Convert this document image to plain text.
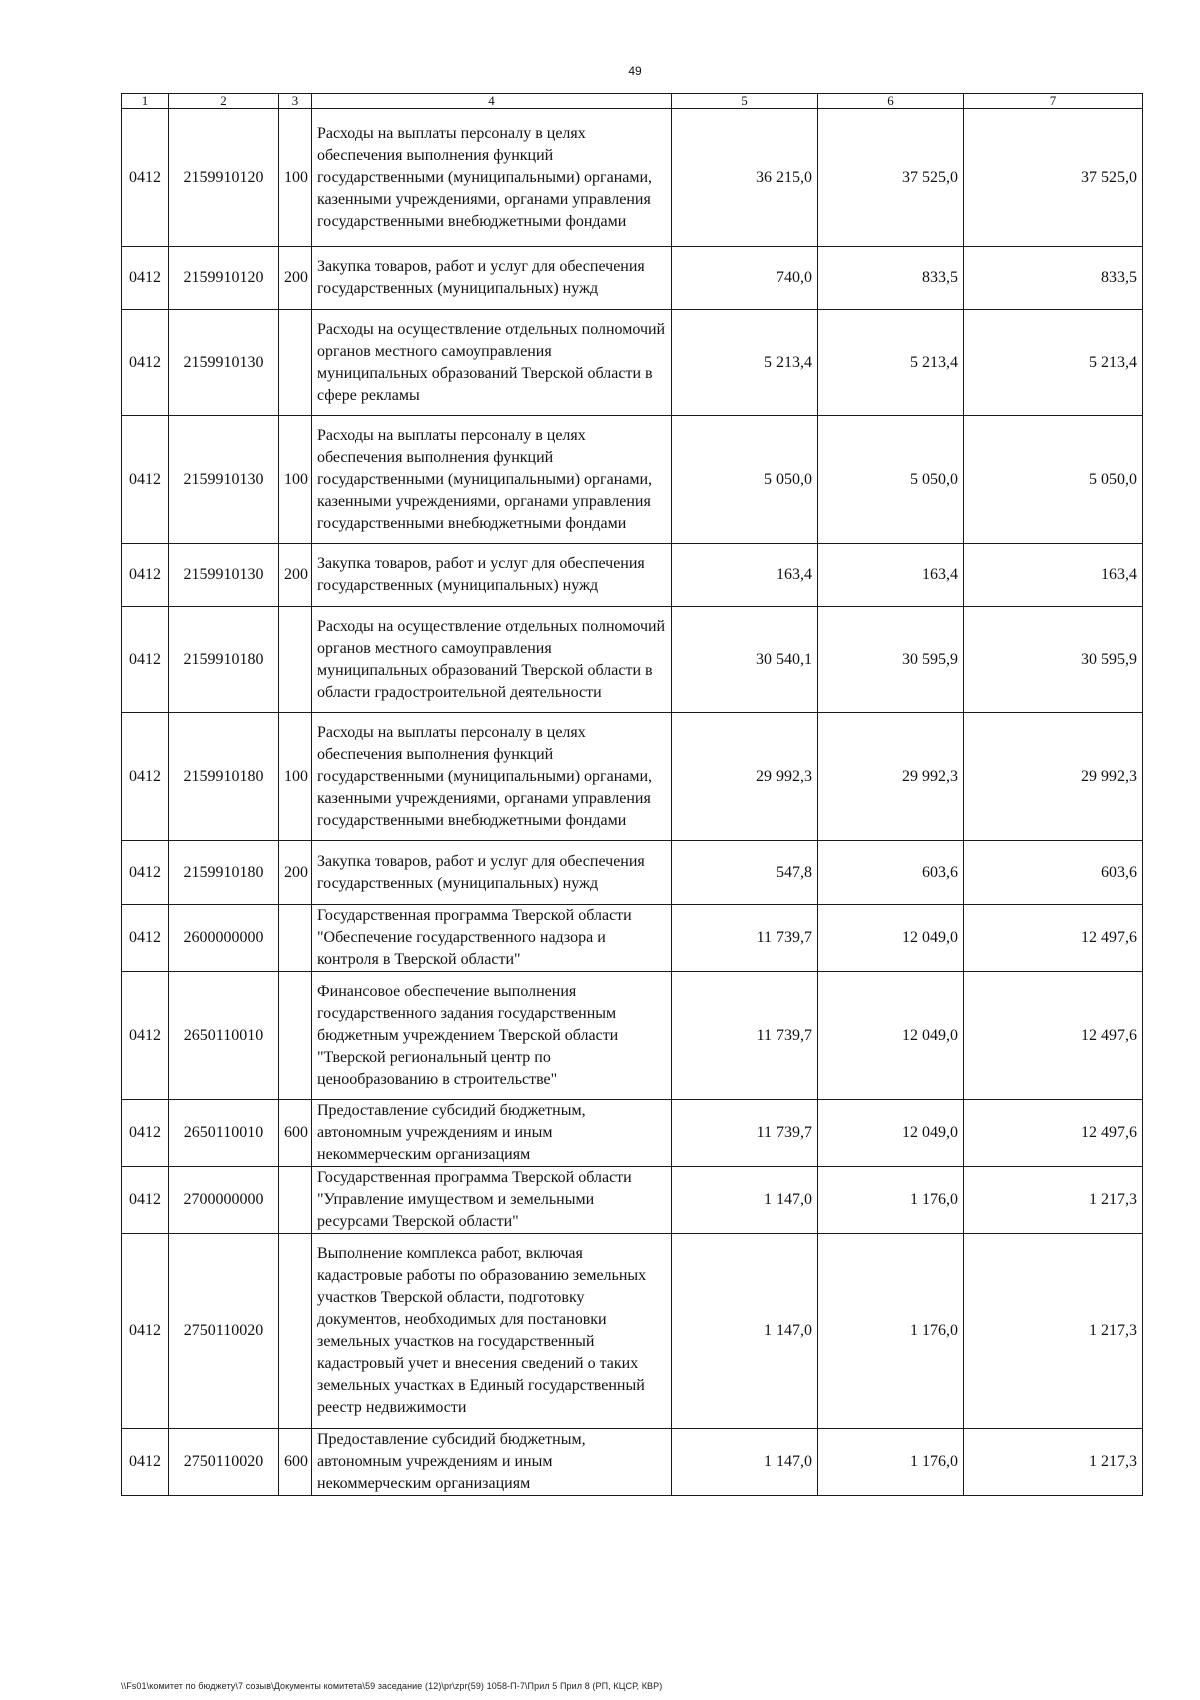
49
1	2	3	4	5	6	7
0412	2159910120	100	Расходы на выплаты персоналу в целях обеспечения выполнения функций государственными (муниципальными) органами, казенными учреждениями, органами управления государственными внебюджетными фондами	36 215,0	37 525,0	37 525,0
0412	2159910120	200	Закупка товаров, работ и услуг для обеспечения государственных (муниципальных) нужд	740,0	833,5	833,5
0412	2159910130		Расходы на осуществление отдельных полномочий органов местного самоуправления муниципальных образований Тверской области в сфере рекламы	5 213,4	5 213,4	5 213,4
0412	2159910130	100	Расходы на выплаты персоналу в целях обеспечения выполнения функций государственными (муниципальными) органами, казенными учреждениями, органами управления государственными внебюджетными фондами	5 050,0	5 050,0	5 050,0
0412	2159910130	200	Закупка товаров, работ и услуг для обеспечения государственных (муниципальных) нужд	163,4	163,4	163,4
0412	2159910180		Расходы на осуществление отдельных полномочий органов местного самоуправления муниципальных образований Тверской области в области градостроительной деятельности	30 540,1	30 595,9	30 595,9
0412	2159910180	100	Расходы на выплаты персоналу в целях обеспечения выполнения функций государственными (муниципальными) органами, казенными учреждениями, органами управления государственными внебюджетными фондами	29 992,3	29 992,3	29 992,3
0412	2159910180	200	Закупка товаров, работ и услуг для обеспечения государственных (муниципальных) нужд	547,8	603,6	603,6
0412	2600000000		Государственная программа Тверской области "Обеспечение государственного надзора и контроля в Тверской области"	11 739,7	12 049,0	12 497,6
0412	2650110010		Финансовое обеспечение выполнения государственного задания государственным бюджетным учреждением Тверской области "Тверской региональный центр по ценообразованию в строительстве"	11 739,7	12 049,0	12 497,6
0412	2650110010	600	Предоставление субсидий бюджетным, автономным учреждениям и иным некоммерческим организациям	11 739,7	12 049,0	12 497,6
0412	2700000000		Государственная программа Тверской области "Управление имуществом и земельными ресурсами Тверской области"	1 147,0	1 176,0	1 217,3
0412	2750110020		Выполнение комплекса работ, включая кадастровые работы по образованию земельных участков Тверской области, подготовку документов, необходимых для постановки земельных участков на государственный кадастровый учет и внесения сведений о таких земельных участках в Единый государственный реестр недвижимости	1 147,0	1 176,0	1 217,3
0412	2750110020	600	Предоставление субсидий бюджетным, автономным учреждениям и иным некоммерческим организациям	1 147,0	1 176,0	1 217,3
\\Fs01\комитет по бюджету\7 созыв\Документы комитета\59 заседание (12)\pr\zpr(59) 1058-П-7\Прил 5 Прил 8 (РП, КЦСР, КВР)
